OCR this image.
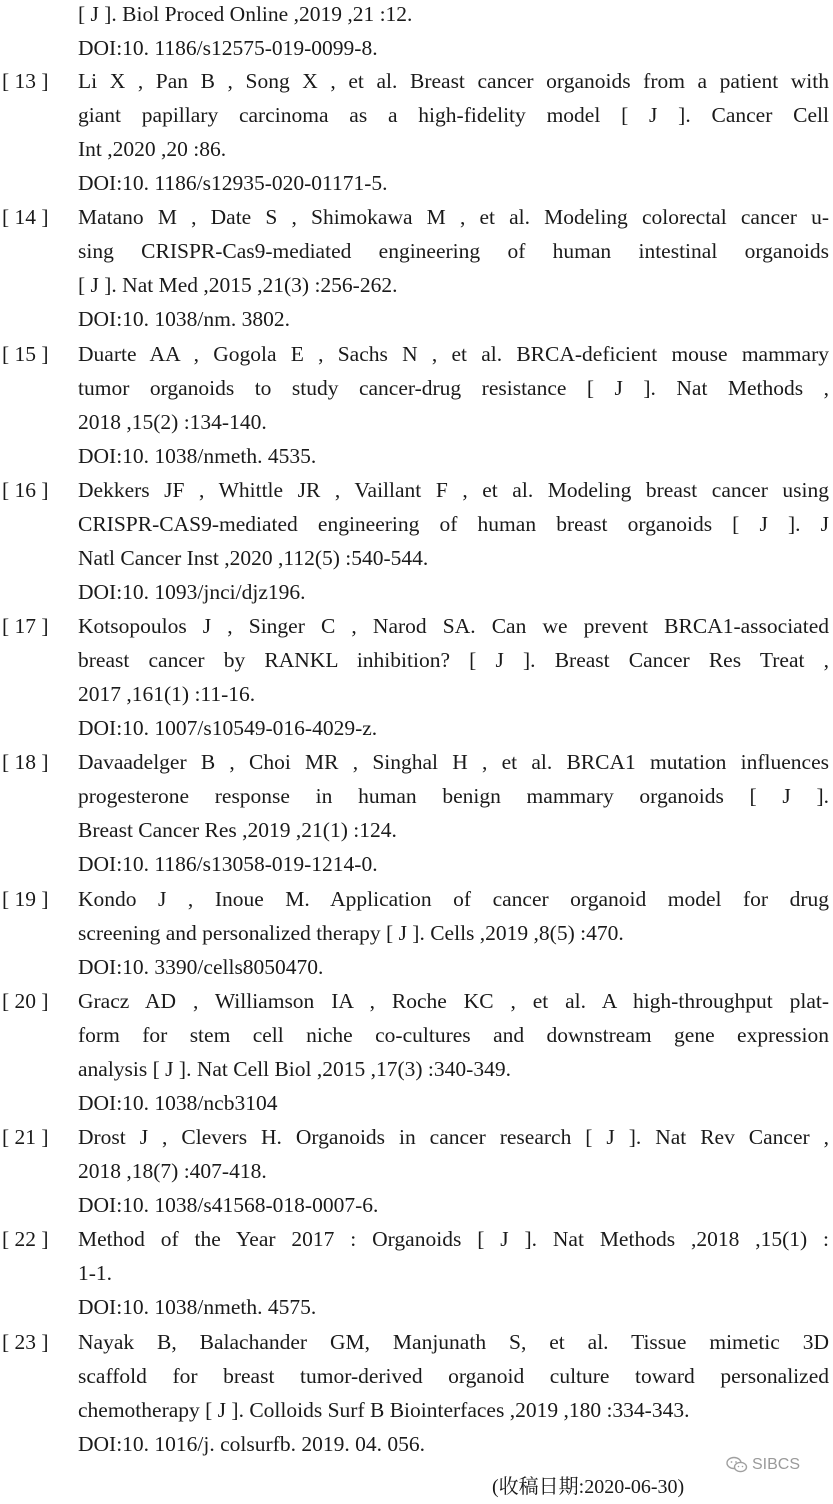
[ J ]. Biol Proced Online ,2019 ,21 :12.
DOI:10. 1186/s12575-019-0099-8.
[ 13 ]	Li X , Pan B , Song X , et al. Breast cancer organoids from a patient with
giant papillary carcinoma as a high-fidelity model [ J ]. Cancer Cell
Int ,2020 ,20 :86.
DOI:10. 1186/s12935-020-01171-5.
[ 14 ]	Matano M , Date S , Shimokawa M , et al. Modeling colorectal cancer u-
sing CRISPR-Cas9-mediated engineering of human intestinal organoids
[ J ]. Nat Med ,2015 ,21(3) :256-262.
DOI:10. 1038/nm. 3802.
[ 15 ]	Duarte AA , Gogola E , Sachs N , et al. BRCA-deficient mouse mammary
tumor organoids to study cancer-drug resistance [ J ]. Nat Methods ,
2018 ,15(2) :134-140.
DOI:10. 1038/nmeth. 4535.
[ 16 ]	Dekkers JF , Whittle JR , Vaillant F , et al. Modeling breast cancer using
CRISPR-CAS9-mediated engineering of human breast organoids [ J ]. J
Natl Cancer Inst ,2020 ,112(5) :540-544.
DOI:10. 1093/jnci/djz196.
[ 17 ]	Kotsopoulos J , Singer C , Narod SA. Can we prevent BRCA1-associated
breast cancer by RANKL inhibition? [ J ]. Breast Cancer Res Treat ,
2017 ,161(1) :11-16.
DOI:10. 1007/s10549-016-4029-z.
[ 18 ]	Davaadelger B , Choi MR , Singhal H , et al. BRCA1 mutation influences
progesterone response in human benign mammary organoids [ J ].
Breast Cancer Res ,2019 ,21(1) :124.
DOI:10. 1186/s13058-019-1214-0.
[ 19 ]	Kondo J , Inoue M. Application of cancer organoid model for drug
screening and personalized therapy [ J ]. Cells ,2019 ,8(5) :470.
DOI:10. 3390/cells8050470.
[ 20 ]	Gracz AD , Williamson IA , Roche KC , et al. A high-throughput plat-
form for stem cell niche co-cultures and downstream gene expression
analysis [ J ]. Nat Cell Biol ,2015 ,17(3) :340-349.
DOI:10. 1038/ncb3104
[ 21 ]	Drost J , Clevers H. Organoids in cancer research [ J ]. Nat Rev Cancer ,
2018 ,18(7) :407-418.
DOI:10. 1038/s41568-018-0007-6.
[ 22 ]	Method of the Year 2017 : Organoids [ J ]. Nat Methods ,2018 ,15(1) :
1-1.
DOI:10. 1038/nmeth. 4575.
[ 23 ]	Nayak B, Balachander GM, Manjunath S, et al. Tissue mimetic 3D
scaffold for breast tumor-derived organoid culture toward personalized
chemotherapy [ J ]. Colloids Surf B Biointerfaces ,2019 ,180 :334-343.
DOI:10. 1016/j. colsurfb. 2019. 04. 056.
(收稿日期:2020-06-30)
SIBCS
